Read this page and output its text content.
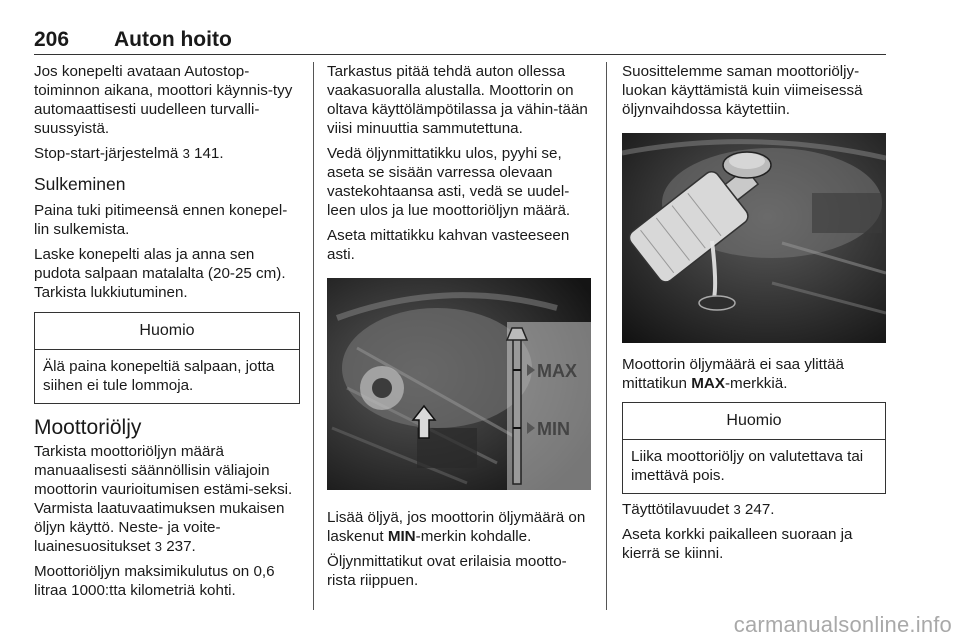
206 Auton hoito

Jos konepelti avataan Autostop-toiminnon aikana, moottori käynnis-tyy automaattisesti uudelleen turvalli-suussyistä.

Stop-start-järjestelmä 3 141.

Sulkeminen

Paina tuki pitimeensä ennen konepel-lin sulkemista.

Laske konepelti alas ja anna sen pudota salpaan matalalta (20-25 cm). Tarkista lukkiutuminen.

Huomio
Älä paina konepeltiä salpaan, jotta siihen ei tule lommoja.
Moottoriöljy

Tarkista moottoriöljyn määrä manuaalisesti säännöllisin väliajoin moottorin vaurioitumisen estämi-seksi. Varmista laatuvaatimuksen mukaisen öljyn käyttö. Neste- ja voite-luainesuositukset 3 237.

Moottoriöljyn maksimikulutus on 0,6 litraa 1000:tta kilometriä kohti.

Tarkastus pitää tehdä auton ollessa vaakasuoralla alustalla. Moottorin on oltava käyttölämpötilassa ja vähin-tään viisi minuuttia sammutettuna.

Vedä öljynmittatikku ulos, pyyhi se, aseta se sisään varressa olevaan vastekohtaansa asti, vedä se uudel-leen ulos ja lue moottoriöljyn määrä.

Aseta mittatikku kahvan vasteeseen asti.

MAX
MIN

Lisää öljyä, jos moottorin öljymäärä on laskenut MIN-merkin kohdalle.

Öljynmittatikut ovat erilaisia mootto-rista riippuen.

Suosittelemme saman moottoriöljy-luokan käyttämistä kuin viimeisessä öljynvaihdossa käytettiin.

Moottorin öljymäärä ei saa ylittää mittatikun MAX-merkkiä.

Huomio
Liika moottoriöljy on valutettava tai imettävä pois.

Täyttötilavuudet 3 247.

Aseta korkki paikalleen suoraan ja kierrä se kiinni.

carmanualsonline.info
